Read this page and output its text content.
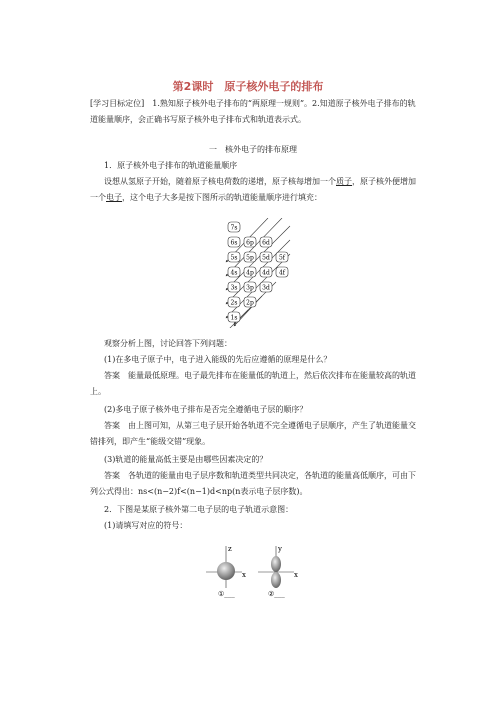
第2课时　原子核外电子的排布
[学习目标定位]　1.熟知原子核外电子排布的“两原理一规则”。2.知道原子核外电子排布的轨道能量顺序，会正确书写原子核外电子排布式和轨道表示式。
一　核外电子的排布原理
1．原子核外电子排布的轨道能量顺序
设想从氢原子开始，随着原子核电荷数的递增，原子核每增加一个质子，原子核外便增加一个电子，这个电子大多是按下图所示的轨道能量顺序进行填充：
7s
6s 6p 6d
5s 5p 5d 5f
4s 4p 4d 4f
3s 3p 3d
2s 2p
1s
观察分析上图，讨论回答下列问题：
(1)在多电子原子中，电子进入能级的先后应遵循的原理是什么？
答案　能量最低原理。电子最先排布在能量低的轨道上，然后依次排布在能量较高的轨道上。
(2)多电子原子核外电子排布是否完全遵循电子层的顺序？
答案　由上图可知，从第三电子层开始各轨道不完全遵循电子层顺序，产生了轨道能量交错排列，即产生“能级交错”现象。
(3)轨道的能量高低主要是由哪些因素决定的？
答案　各轨道的能量由电子层序数和轨道类型共同决定，各轨道的能量高低顺序，可由下列公式得出：ns<(n−2)f<(n−1)d<np(n表示电子层序数)。
2．下图是某原子核外第二电子层的电子轨道示意图：
(1)请填写对应的符号：
z
x
①___
y
x
②___
